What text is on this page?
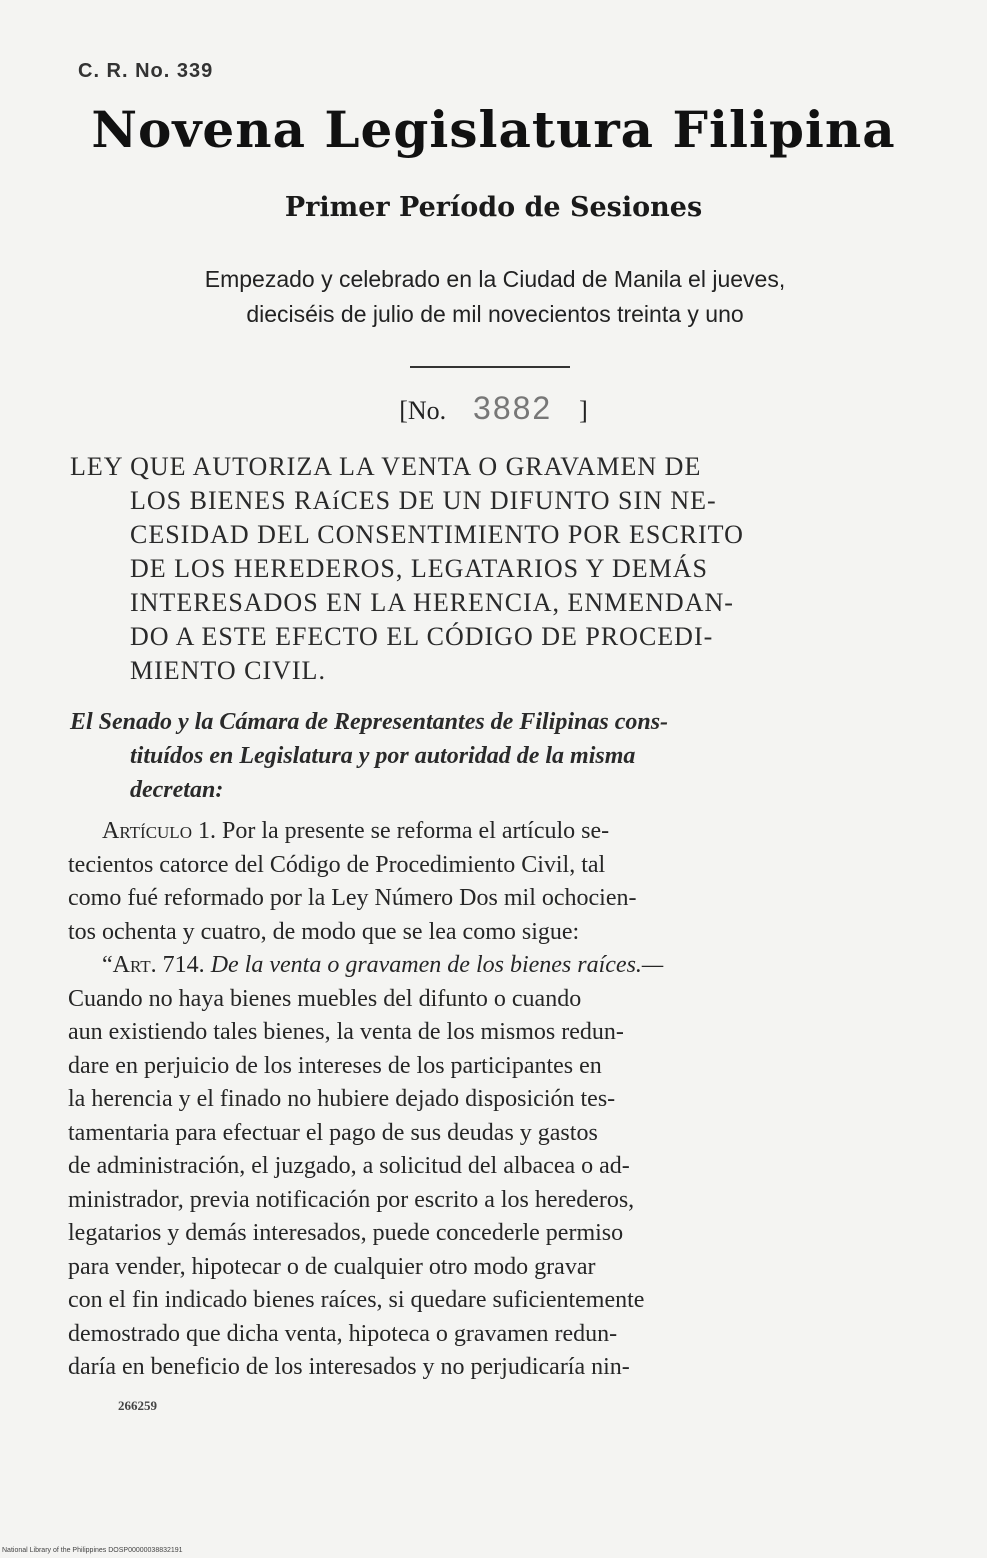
C. R. No. 339
Novena Legislatura Filipina
Primer Período de Sesiones
Empezado y celebrado en la Ciudad de Manila el jueves,
dieciséis de julio de mil novecientos treinta y uno
[No. 3882 ]
LEY QUE AUTORIZA LA VENTA O GRAVAMEN DE
LOS BIENES RAíCES DE UN DIFUNTO SIN NE-
CESIDAD DEL CONSENTIMIENTO POR ESCRITO
DE LOS HEREDEROS, LEGATARIOS Y DEMÁS
INTERESADOS EN LA HERENCIA, ENMENDAN-
DO A ESTE EFECTO EL CÓDIGO DE PROCEDI-
MIENTO CIVIL.
El Senado y la Cámara de Representantes de Filipinas cons-
tituídos en Legislatura y por autoridad de la misma
decretan:
Artículo 1. Por la presente se reforma el artículo se-
tecientos catorce del Código de Procedimiento Civil, tal
como fué reformado por la Ley Número Dos mil ochocien-
tos ochenta y cuatro, de modo que se lea como sigue:
“Art. 714. De la venta o gravamen de los bienes raíces.—
Cuando no haya bienes muebles del difunto o cuando
aun existiendo tales bienes, la venta de los mismos redun-
dare en perjuicio de los intereses de los participantes en
la herencia y el finado no hubiere dejado disposición tes-
tamentaria para efectuar el pago de sus deudas y gastos
de administración, el juzgado, a solicitud del albacea o ad-
ministrador, previa notificación por escrito a los herederos,
legatarios y demás interesados, puede concederle permiso
para vender, hipotecar o de cualquier otro modo gravar
con el fin indicado bienes raíces, si quedare suficientemente
demostrado que dicha venta, hipoteca o gravamen redun-
daría en beneficio de los interesados y no perjudicaría nin-
266259
National Library of the Philippines DOSP00000038832191
